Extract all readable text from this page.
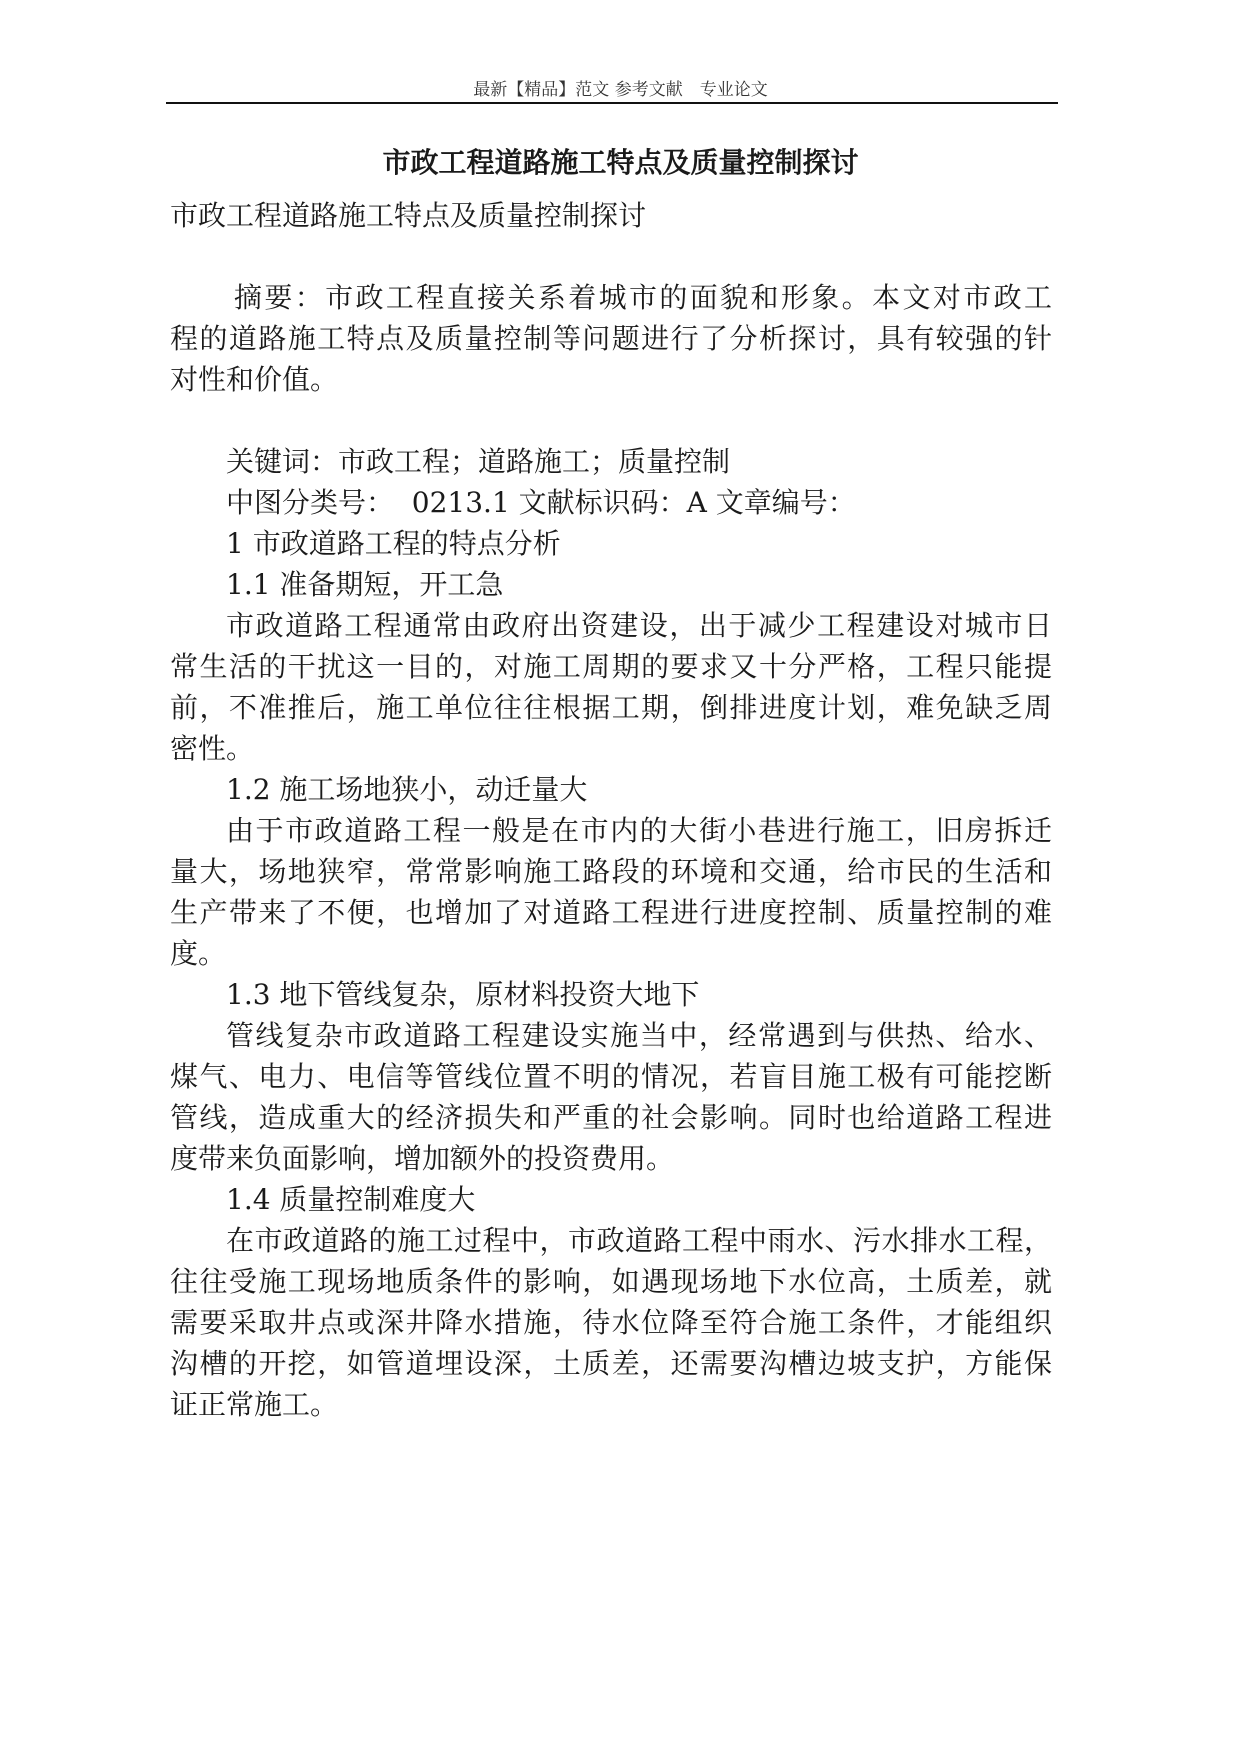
最新【精品】范文 参考文献　专业论文
市政工程道路施工特点及质量控制探讨
市政工程道路施工特点及质量控制探讨
摘要：市政工程直接关系着城市的面貌和形象。本文对市政工
程的道路施工特点及质量控制等问题进行了分析探讨，具有较强的针
对性和价值。
关键词：市政工程；道路施工；质量控制
中图分类号：  0213.1 文献标识码：A 文章编号：
1 市政道路工程的特点分析
1.1 准备期短，开工急
市政道路工程通常由政府出资建设，出于减少工程建设对城市日
常生活的干扰这一目的，对施工周期的要求又十分严格，工程只能提
前，不准推后，施工单位往往根据工期，倒排进度计划，难免缺乏周
密性。
1.2 施工场地狭小，动迁量大
由于市政道路工程一般是在市内的大街小巷进行施工，旧房拆迁
量大，场地狭窄，常常影响施工路段的环境和交通，给市民的生活和
生产带来了不便，也增加了对道路工程进行进度控制、质量控制的难
度。
1.3 地下管线复杂，原材料投资大地下
管线复杂市政道路工程建设实施当中，经常遇到与供热、给水、
煤气、电力、电信等管线位置不明的情况，若盲目施工极有可能挖断
管线，造成重大的经济损失和严重的社会影响。同时也给道路工程进
度带来负面影响，增加额外的投资费用。
1.4 质量控制难度大
在市政道路的施工过程中，市政道路工程中雨水、污水排水工程，
往往受施工现场地质条件的影响，如遇现场地下水位高，土质差，就
需要采取井点或深井降水措施，待水位降至符合施工条件，才能组织
沟槽的开挖，如管道埋设深，土质差，还需要沟槽边坡支护，方能保
证正常施工。
